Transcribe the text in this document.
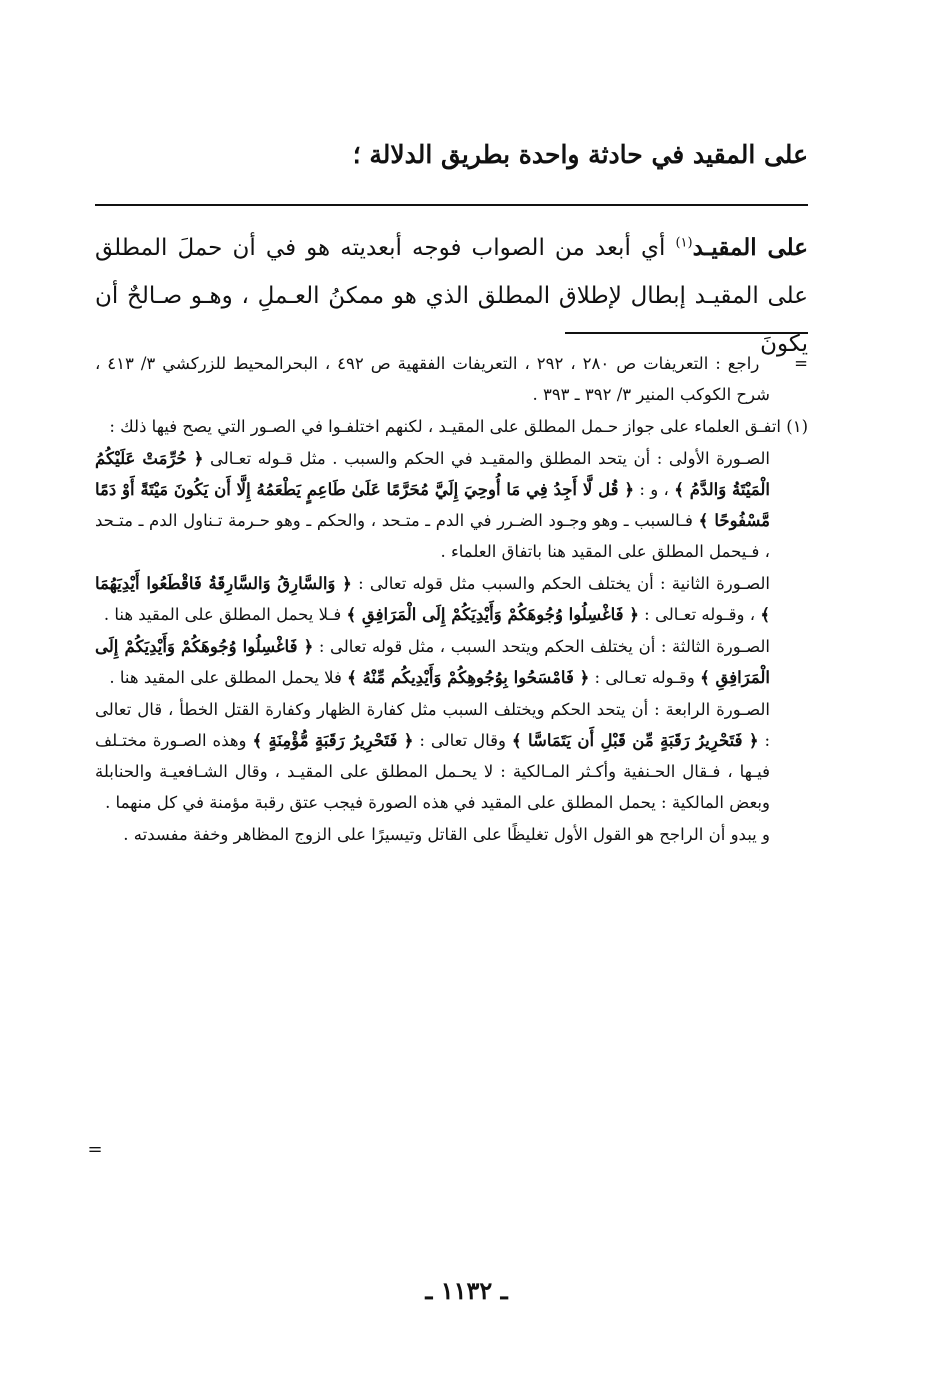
على المقيد في حادثة واحدة بطريق الدلالة ؛
على المقيـد$^{(١)}$ أي أبعد من الصواب فوجه أبعديته هو في أن حملَ المطلق على المقيـد إبطال لإطلاق المطلق الذي هو ممكنُ العـملِ ، وهـو صـالحٌ أن يكونَ

=     راجع : التعريفات ص ٢٨٠ ، ٢٩٢ ، التعريفات الفقهية ص ٤٩٢ ، البحرالمحيط للزركشي ٣/ ٤١٣ ، شرح الكوكب المنير ٣/ ٣٩٢ ـ ٣٩٣ .

(١) اتفـق العلماء على جواز حـمل المطلق على المقيـد ، لكنهم اختلفـوا في الصـور التي يصح فيها ذلك :

الصـورة الأولى : أن يتحد المطلق والمقيـد في الحكم والسبب . مثل قـوله تعـالى ﴿ حُرِّمَتْ عَلَيْكُمُ الْمَيْتَةُ وَالدَّمُ ﴾ ، و : ﴿ قُل لَّا أَجِدُ فِي مَا أُوحِيَ إِلَيَّ مُحَرَّمًا عَلَىٰ طَاعِمٍ يَطْعَمُهُ إِلَّا أَن يَكُونَ مَيْتَةً أَوْ دَمًا مَّسْفُوحًا ﴾ فـالسبب ـ وهو وجـود الضـرر في الدم ـ متـحد ، والحكم ـ وهو حـرمة تـناول الدم ـ متـحد ، فـيحمل المطلق على المقيد هنا باتفاق العلماء .

الصـورة الثانية : أن يختلف الحكم والسبب مثل قوله تعالى : ﴿ وَالسَّارِقُ وَالسَّارِقَةُ فَاقْطَعُوا أَيْدِيَهُمَا ﴾ ، وقـوله تعـالى : ﴿ فَاغْسِلُوا وُجُوهَكُمْ وَأَيْدِيَكُمْ إِلَى الْمَرَافِقِ ﴾ فـلا يحمل المطلق على المقيد هنا .

الصـورة الثالثة : أن يختلف الحكم ويتحد السبب ، مثل قوله تعالى : ﴿ فَاغْسِلُوا وُجُوهَكُمْ وَأَيْدِيَكُمْ إِلَى الْمَرَافِقِ ﴾ وقـوله تعـالى : ﴿ فَامْسَحُوا بِوُجُوهِكُمْ وَأَيْدِيكُم مِّنْهُ ﴾ فلا يحمل المطلق على المقيد هنا .

الصـورة الرابعة : أن يتحد الحكم ويختلف السبب مثل كفارة الظهار وكفارة القتل الخطأ ، قال تعالى : ﴿ فَتَحْرِيرُ رَقَبَةٍ مِّن قَبْلِ أَن يَتَمَاسَّا ﴾ وقال تعالى : ﴿ فَتَحْرِيرُ رَقَبَةٍ مُّؤْمِنَةٍ ﴾ وهذه الصـورة مختـلف فيـها ، فـقال الحـنفية وأكـثر المـالكية : لا يحـمل المطلق على المقيـد ، وقال الشـافعيـة والحنابلة وبعض المالكية : يحمل المطلق على المقيد في هذه الصورة فيجب عتق رقبة مؤمنة في كل منهما .

و يبدو أن الراجح هو القول الأول تغليظًا على القاتل وتيسيرًا على الزوج المظاهر وخفة مفسدته .

=
ـ ١١٣٢ ـ
